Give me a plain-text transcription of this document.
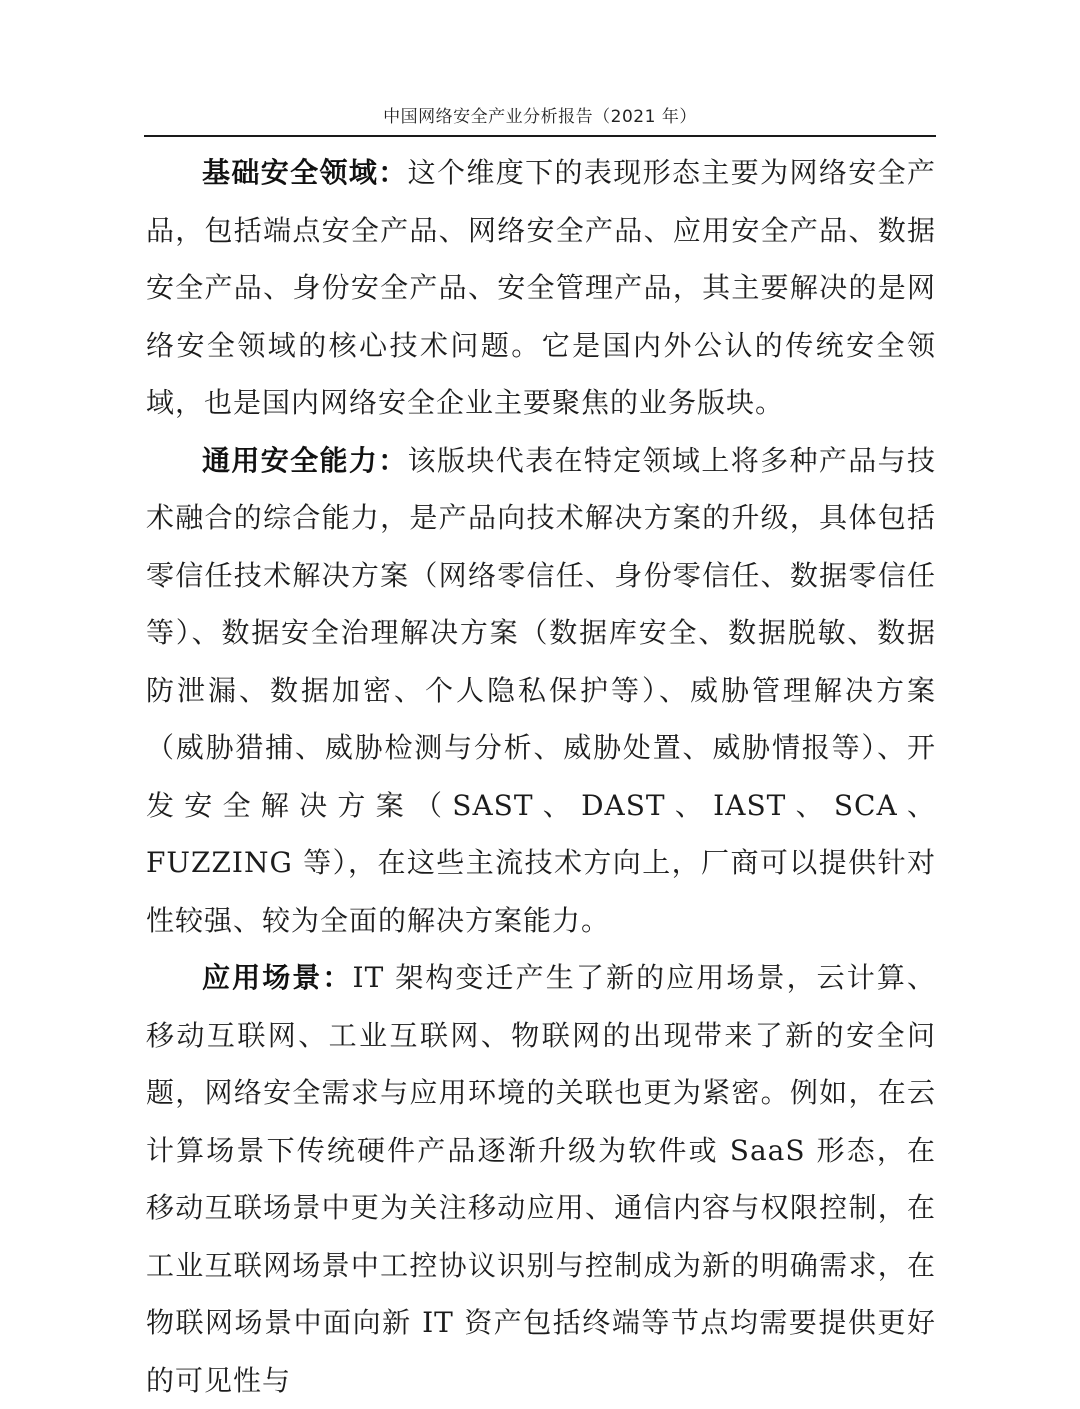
中国网络安全产业分析报告（2021 年）

基础安全领域：这个维度下的表现形态主要为网络安全产品，包括端点安全产品、网络安全产品、应用安全产品、数据安全产品、身份安全产品、安全管理产品，其主要解决的是网络安全领域的核心技术问题。它是国内外公认的传统安全领域，也是国内网络安全企业主要聚焦的业务版块。

通用安全能力：该版块代表在特定领域上将多种产品与技术融合的综合能力，是产品向技术解决方案的升级，具体包括零信任技术解决方案（网络零信任、身份零信任、数据零信任等）、数据安全治理解决方案（数据库安全、数据脱敏、数据防泄漏、数据加密、个人隐私保护等）、威胁管理解决方案（威胁猎捕、威胁检测与分析、威胁处置、威胁情报等）、开发安全解决方案（SAST、DAST、IAST、SCA、FUZZING 等），在这些主流技术方向上，厂商可以提供针对性较强、较为全面的解决方案能力。

应用场景：IT 架构变迁产生了新的应用场景，云计算、移动互联网、工业互联网、物联网的出现带来了新的安全问题，网络安全需求与应用环境的关联也更为紧密。例如，在云计算场景下传统硬件产品逐渐升级为软件或 SaaS 形态，在移动互联场景中更为关注移动应用、通信内容与权限控制，在工业互联网场景中工控协议识别与控制成为新的明确需求，在物联网场景中面向新 IT 资产包括终端等节点均需要提供更好的可见性与
